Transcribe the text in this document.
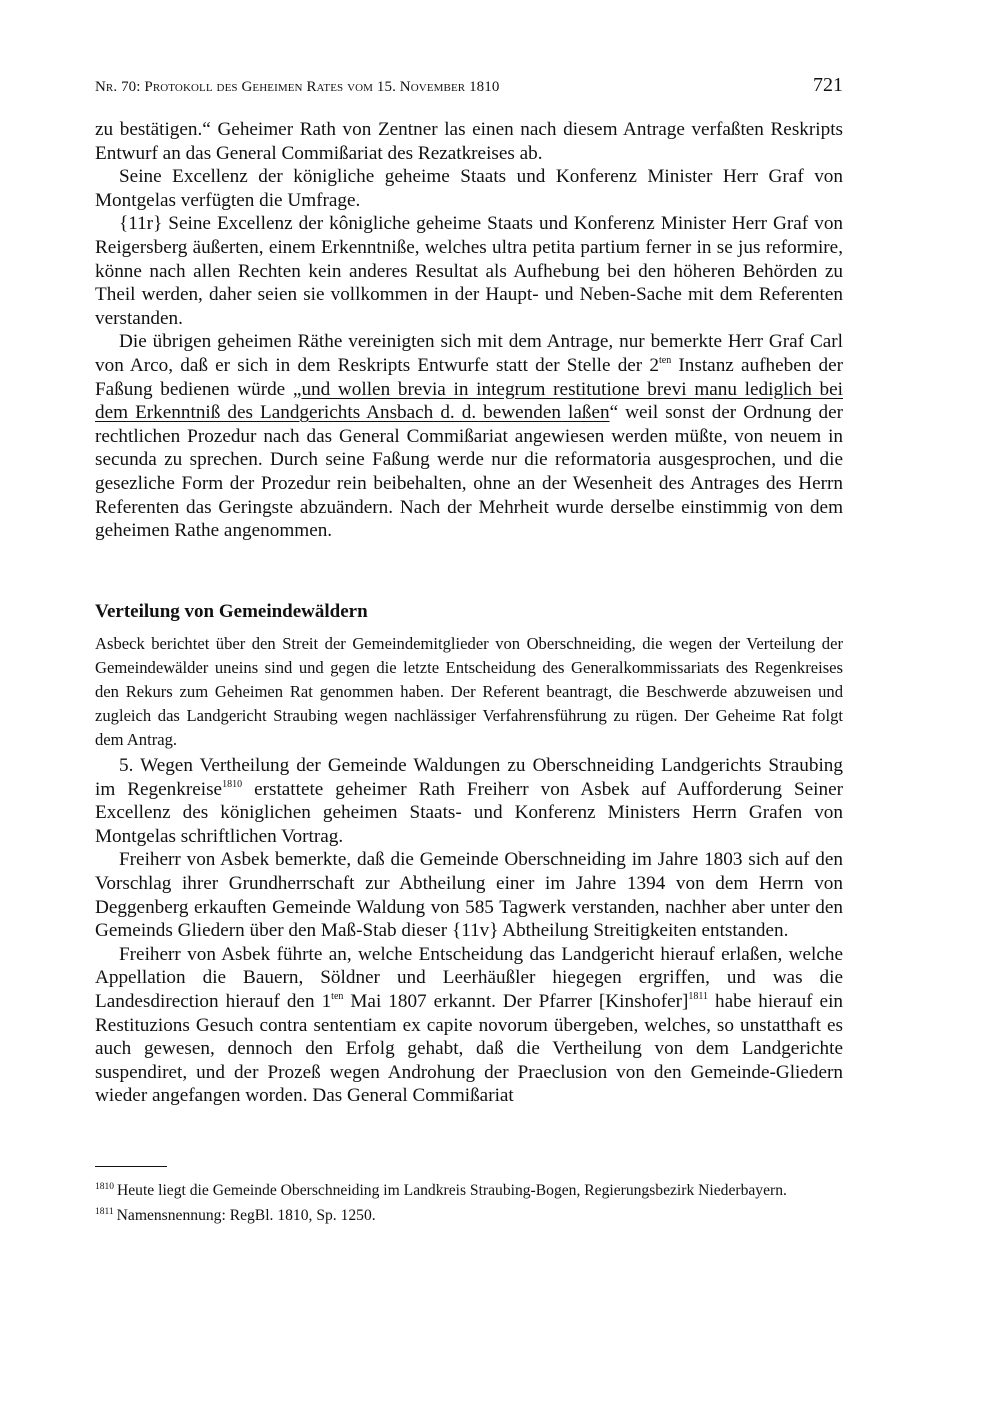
Nr. 70: Protokoll des Geheimen Rates vom 15. November 1810	721

zu bestätigen.“ Geheimer Rath von Zentner las einen nach diesem Antrage verfaßten Reskripts Entwurf an das General Commißariat des Rezatkreises ab.

Seine Excellenz der königliche geheime Staats und Konferenz Minister Herr Graf von Montgelas verfügten die Umfrage.

{11r} Seine Excellenz der kônigliche geheime Staats und Konferenz Minister Herr Graf von Reigersberg äußerten, einem Erkenntniße, welches ultra petita partium ferner in se jus reformire, könne nach allen Rechten kein anderes Resultat als Aufhebung bei den höheren Behörden zu Theil werden, daher seien sie vollkommen in der Haupt- und Neben-Sache mit dem Referenten verstanden.

Die übrigen geheimen Räthe vereinigten sich mit dem Antrage, nur bemerkte Herr Graf Carl von Arco, daß er sich in dem Reskripts Entwurfe statt der Stelle der $2^{ten}$ Instanz aufheben der Faßung bedienen würde „und wollen brevia in integrum restitutione brevi manu lediglich bei dem Erkenntniß des Landgerichts Ansbach d. d. bewenden laßen“ weil sonst der Ordnung der rechtlichen Prozedur nach das General Commißariat angewiesen werden müßte, von neuem in secunda zu sprechen. Durch seine Faßung werde nur die reformatoria ausgesprochen, und die gesezliche Form der Prozedur rein beibehalten, ohne an der Wesenheit des Antrages des Herrn Referenten das Geringste abzuändern. Nach der Mehrheit wurde derselbe einstimmig von dem geheimen Rathe angenommen.

Verteilung von Gemeindewäldern
Asbeck berichtet über den Streit der Gemeindemitglieder von Oberschneiding, die wegen der Verteilung der Gemeindewälder uneins sind und gegen die letzte Entscheidung des Generalkommissariats des Regenkreises den Rekurs zum Geheimen Rat genommen haben. Der Referent beantragt, die Beschwerde abzuweisen und zugleich das Landgericht Straubing wegen nachlässiger Verfahrensführung zu rügen. Der Geheime Rat folgt dem Antrag.

5. Wegen Vertheilung der Gemeinde Waldungen zu Oberschneiding Landgerichts Straubing im Regenkreise$^{1810}$ erstattete geheimer Rath Freiherr von Asbek auf Aufforderung Seiner Excellenz des königlichen geheimen Staats- und Konferenz Ministers Herrn Grafen von Montgelas schriftlichen Vortrag.

Freiherr von Asbek bemerkte, daß die Gemeinde Oberschneiding im Jahre 1803 sich auf den Vorschlag ihrer Grundherrschaft zur Abtheilung einer im Jahre 1394 von dem Herrn von Deggenberg erkauften Gemeinde Waldung von 585 Tagwerk verstanden, nachher aber unter den Gemeinds Gliedern über den Maß-Stab dieser {11v} Abtheilung Streitigkeiten entstanden.

Freiherr von Asbek führte an, welche Entscheidung das Landgericht hierauf erlaßen, welche Appellation die Bauern, Söldner und Leerhäußler hiegegen ergriffen, und was die Landesdirection hierauf den $1^{ten}$ Mai 1807 erkannt. Der Pfarrer [Kinshofer]$^{1811}$ habe hierauf ein Restituzions Gesuch contra sententiam ex capite novorum übergeben, welches, so unstatthaft es auch gewesen, dennoch den Erfolg gehabt, daß die Vertheilung von dem Landgerichte suspendiret, und der Prozeß wegen Androhung der Praeclusion von den Gemeinde-Gliedern wieder angefangen worden. Das General Commißariat

$^{1810}$ Heute liegt die Gemeinde Oberschneiding im Landkreis Straubing-Bogen, Regierungsbezirk Niederbayern.

$^{1811}$ Namensnennung: RegBl. 1810, Sp. 1250.
